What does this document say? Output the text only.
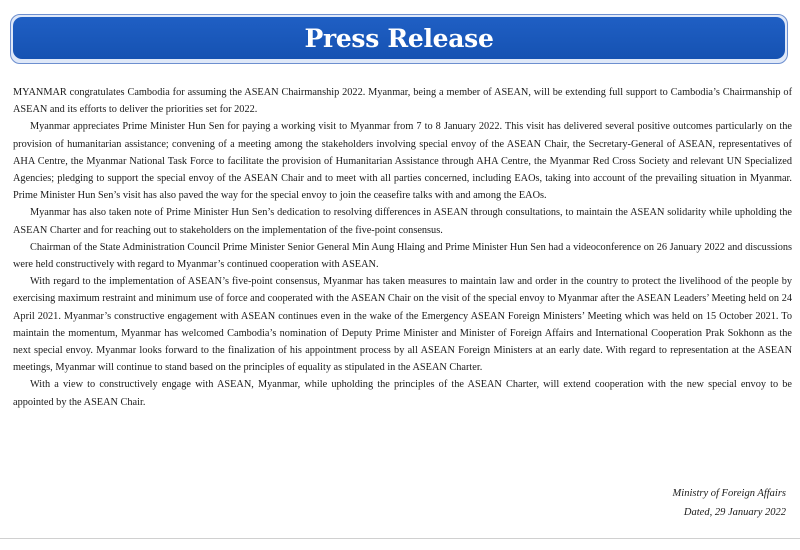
Press Release

MYANMAR congratulates Cambodia for assuming the ASEAN Chairmanship 2022. Myanmar, being a member of ASEAN, will be extending full support to Cambodia’s Chairmanship of ASEAN and its efforts to deliver the priorities set for 2022.

Myanmar appreciates Prime Minister Hun Sen for paying a working visit to Myanmar from 7 to 8 January 2022. This visit has delivered several positive outcomes particularly on the provision of humanitarian assistance; convening of a meeting among the stakeholders involving special envoy of the ASEAN Chair, the Secretary-General of ASEAN, representatives of AHA Centre, the Myanmar National Task Force to facilitate the provision of Humanitarian Assistance through AHA Centre, the Myanmar Red Cross Society and relevant UN Specialized Agencies; pledging to support the special envoy of the ASEAN Chair and to meet with all parties concerned, including EAOs, taking into account of the prevailing situation in Myanmar. Prime Minister Hun Sen’s visit has also paved the way for the special envoy to join the ceasefire talks with and among the EAOs.

Myanmar has also taken note of Prime Minister Hun Sen’s dedication to resolving differences in ASEAN through consultations, to maintain the ASEAN solidarity while upholding the ASEAN Charter and for reaching out to stakeholders on the implementation of the five-point consensus.

Chairman of the State Administration Council Prime Minister Senior General Min Aung Hlaing and Prime Minister Hun Sen had a videoconference on 26 January 2022 and discussions were held constructively with regard to Myanmar’s continued cooperation with ASEAN.

With regard to the implementation of ASEAN’s five-point consensus, Myanmar has taken measures to maintain law and order in the country to protect the livelihood of the people by exercising maximum restraint and minimum use of force and cooperated with the ASEAN Chair on the visit of the special envoy to Myanmar after the ASEAN Leaders’ Meeting held on 24 April 2021. Myanmar’s constructive engagement with ASEAN continues even in the wake of the Emergency ASEAN Foreign Ministers’ Meeting which was held on 15 October 2021. To maintain the momentum, Myanmar has welcomed Cambodia’s nomination of Deputy Prime Minister and Minister of Foreign Affairs and International Cooperation Prak Sokhonn as the next special envoy. Myanmar looks forward to the finalization of his appointment process by all ASEAN Foreign Ministers at an early date. With regard to representation at the ASEAN meetings, Myanmar will continue to stand based on the principles of equality as stipulated in the ASEAN Charter.

With a view to constructively engage with ASEAN, Myanmar, while upholding the principles of the ASEAN Charter, will extend cooperation with the new special envoy to be appointed by the ASEAN Chair.

Ministry of Foreign Affairs
Dated, 29 January 2022
